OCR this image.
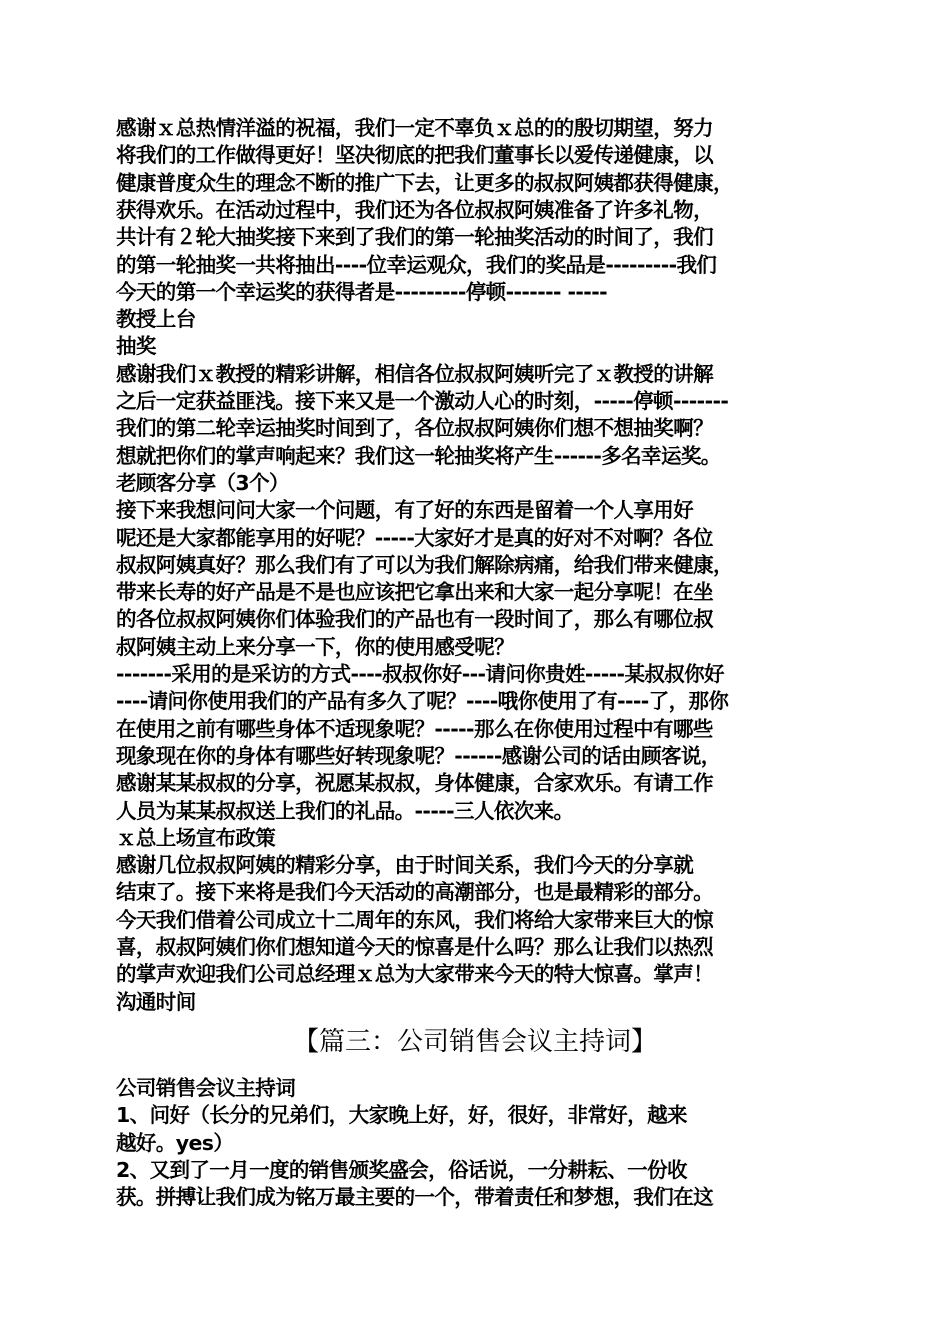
感谢ｘ总热情洋溢的祝福，我们一定不辜负ｘ总的的殷切期望，努力
将我们的工作做得更好！坚决彻底的把我们董事长以爱传递健康，以
健康普度众生的理念不断的推广下去，让更多的叔叔阿姨都获得健康，
获得欢乐。在活动过程中，我们还为各位叔叔阿姨准备了许多礼物，
共计有２轮大抽奖接下来到了我们的第一轮抽奖活动的时间了，我们
的第一轮抽奖一共将抽出----位幸运观众，我们的奖品是---------我们
今天的第一个幸运奖的获得者是---------停顿------- -----
教授上台
抽奖
感谢我们ｘ教授的精彩讲解，相信各位叔叔阿姨听完了ｘ教授的讲解
之后一定获益匪浅。接下来又是一个激动人心的时刻，-----停顿-------
我们的第二轮幸运抽奖时间到了，各位叔叔阿姨你们想不想抽奖啊？
想就把你们的掌声响起来？我们这一轮抽奖将产生------多名幸运奖。
老顾客分享（3个）
接下来我想问问大家一个问题，有了好的东西是留着一个人享用好
呢还是大家都能享用的好呢？-----大家好才是真的好对不对啊？各位
叔叔阿姨真好？那么我们有了可以为我们解除病痛，给我们带来健康，
带来长寿的好产品是不是也应该把它拿出来和大家一起分享呢！在坐
的各位叔叔阿姨你们体验我们的产品也有一段时间了，那么有哪位叔
叔阿姨主动上来分享一下，你的使用感受呢？
-------采用的是采访的方式----叔叔你好---请问你贵姓-----某叔叔你好
----请问你使用我们的产品有多久了呢？----哦你使用了有----了，那你
在使用之前有哪些身体不适现象呢？-----那么在你使用过程中有哪些
现象现在你的身体有哪些好转现象呢？------感谢公司的话由顾客说，
感谢某某叔叔的分享，祝愿某叔叔，身体健康，合家欢乐。有请工作
人员为某某叔叔送上我们的礼品。-----三人依次来。
ｘ总上场宣布政策
感谢几位叔叔阿姨的精彩分享，由于时间关系，我们今天的分享就
结束了。接下来将是我们今天活动的高潮部分，也是最精彩的部分。
今天我们借着公司成立十二周年的东风，我们将给大家带来巨大的惊
喜，叔叔阿姨们你们想知道今天的惊喜是什么吗？那么让我们以热烈
的掌声欢迎我们公司总经理ｘ总为大家带来今天的特大惊喜。掌声！
沟通时间
【篇三：公司销售会议主持词】
公司销售会议主持词
1、问好（长分的兄弟们，大家晚上好，好，很好，非常好，越来
越好。yes）
2、又到了一月一度的销售颁奖盛会，俗话说，一分耕耘、一份收
获。拼搏让我们成为铭万最主要的一个，带着责任和梦想，我们在这
